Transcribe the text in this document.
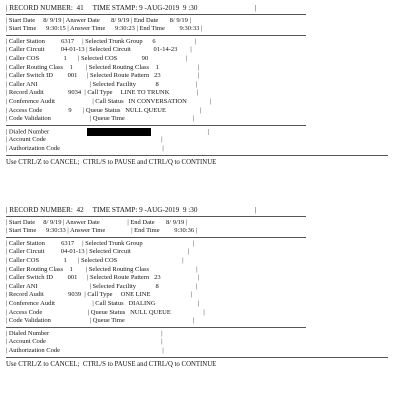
| RECORD NUMBER:  41     TIME STAMP: 9 -AUG-2019  9 :30                                |
| Start Date     8/ 9/19 | Answer Date       8/ 9/19 | End Date       8/ 9/19 |
| Start Time      9:30:15 | Answer Time      9:30:23 | End Time         9:30:33 |
| Caller Station          6317     | Selected Trunk Group      6                        |
| Caller Circuit          04-01-13 | Selected Circuit              01-14-23        |
| Caller COS               1       | Selected COS               90                       |
| Caller Routing Class    1        | Selected Routing Class    1                        |
| Caller Switch ID         001      | Selected Route Pattern   23                       |
| Caller ANI                                | Selected Facility            8                       |
| Record Audit               9034  | Call Type     LINE TO TRUNK                 |
| Conference Audit                       | Call Status   IN CONVERSATION              |
| Access Code                9       | Queue Status   NULL QUEUE                     |
| Code Validation                        | Queue Time                                          |
| Dialed Number	|
| Account Code                                                                       |
| Authorization Code                                                               |
Use CTRL/Z to CANCEL;  CTRL/S to PAUSE and CTRL/Q to CONTINUE
| RECORD NUMBER:  42     TIME STAMP: 9 -AUG-2019  9 :30                                |
| Start Date     8/ 9/19 | Answer Date                 | End Date       8/ 9/19 |
| Start Time      9:30:33 | Answer Time                | End Time         9:30:36 |
| Caller Station          6317     | Selected Trunk Group                               |
| Caller Circuit          04-01-13 | Selected Circuit                                   |
| Caller COS               1       | Selected COS                                        |
| Caller Routing Class    1        | Selected Routing Class                             |
| Caller Switch ID         001      | Selected Route Pattern   23                       |
| Caller ANI                                | Selected Facility            8                       |
| Record Audit               9039  | Call Type     ONE LINE                         |
| Conference Audit                       | Call Status   DIALING                          |
| Access Code                            | Queue Status   NULL QUEUE                    |
| Code Validation                        | Queue Time                                          |
| Dialed Number                                                                     |
| Account Code                                                                       |
| Authorization Code                                                               |
Use CTRL/Z to CANCEL;  CTRL/S to PAUSE and CTRL/Q to CONTINUE
